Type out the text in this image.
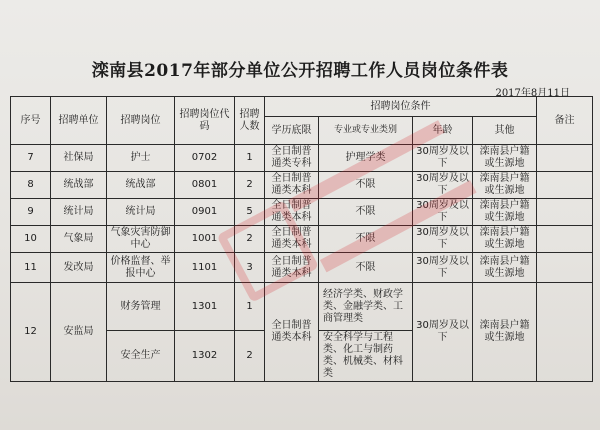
滦南县2017年部分单位公开招聘工作人员岗位条件表
2017年8月11日
序号	招聘单位	招聘岗位	招聘岗位代码	招聘人数	招聘岗位条件				备注
					学历底限	专业或专业类别	年龄	其他	
7	社保局	护士	0702	1	全日制普通类专科	护理学类	30周岁及以下	滦南县户籍或生源地	
8	统战部	统战部	0801	2	全日制普通类本科	不限	30周岁及以下	滦南县户籍或生源地	
9	统计局	统计局	0901	5	全日制普通类本科	不限	30周岁及以下	滦南县户籍或生源地	
10	气象局	气象灾害防御中心	1001	2	全日制普通类本科	不限	30周岁及以下	滦南县户籍或生源地	
11	发改局	价格监督、举报中心	1101	3	全日制普通类本科	不限	30周岁及以下	滦南县户籍或生源地	
12	安监局	财务管理	1301	1	全日制普通类本科	经济学类、财政学类、金融学类、工商管理类	30周岁及以下	滦南县户籍或生源地	
		安全生产	1302	2		安全科学与工程类、化工与制药类、机械类、材料类			
